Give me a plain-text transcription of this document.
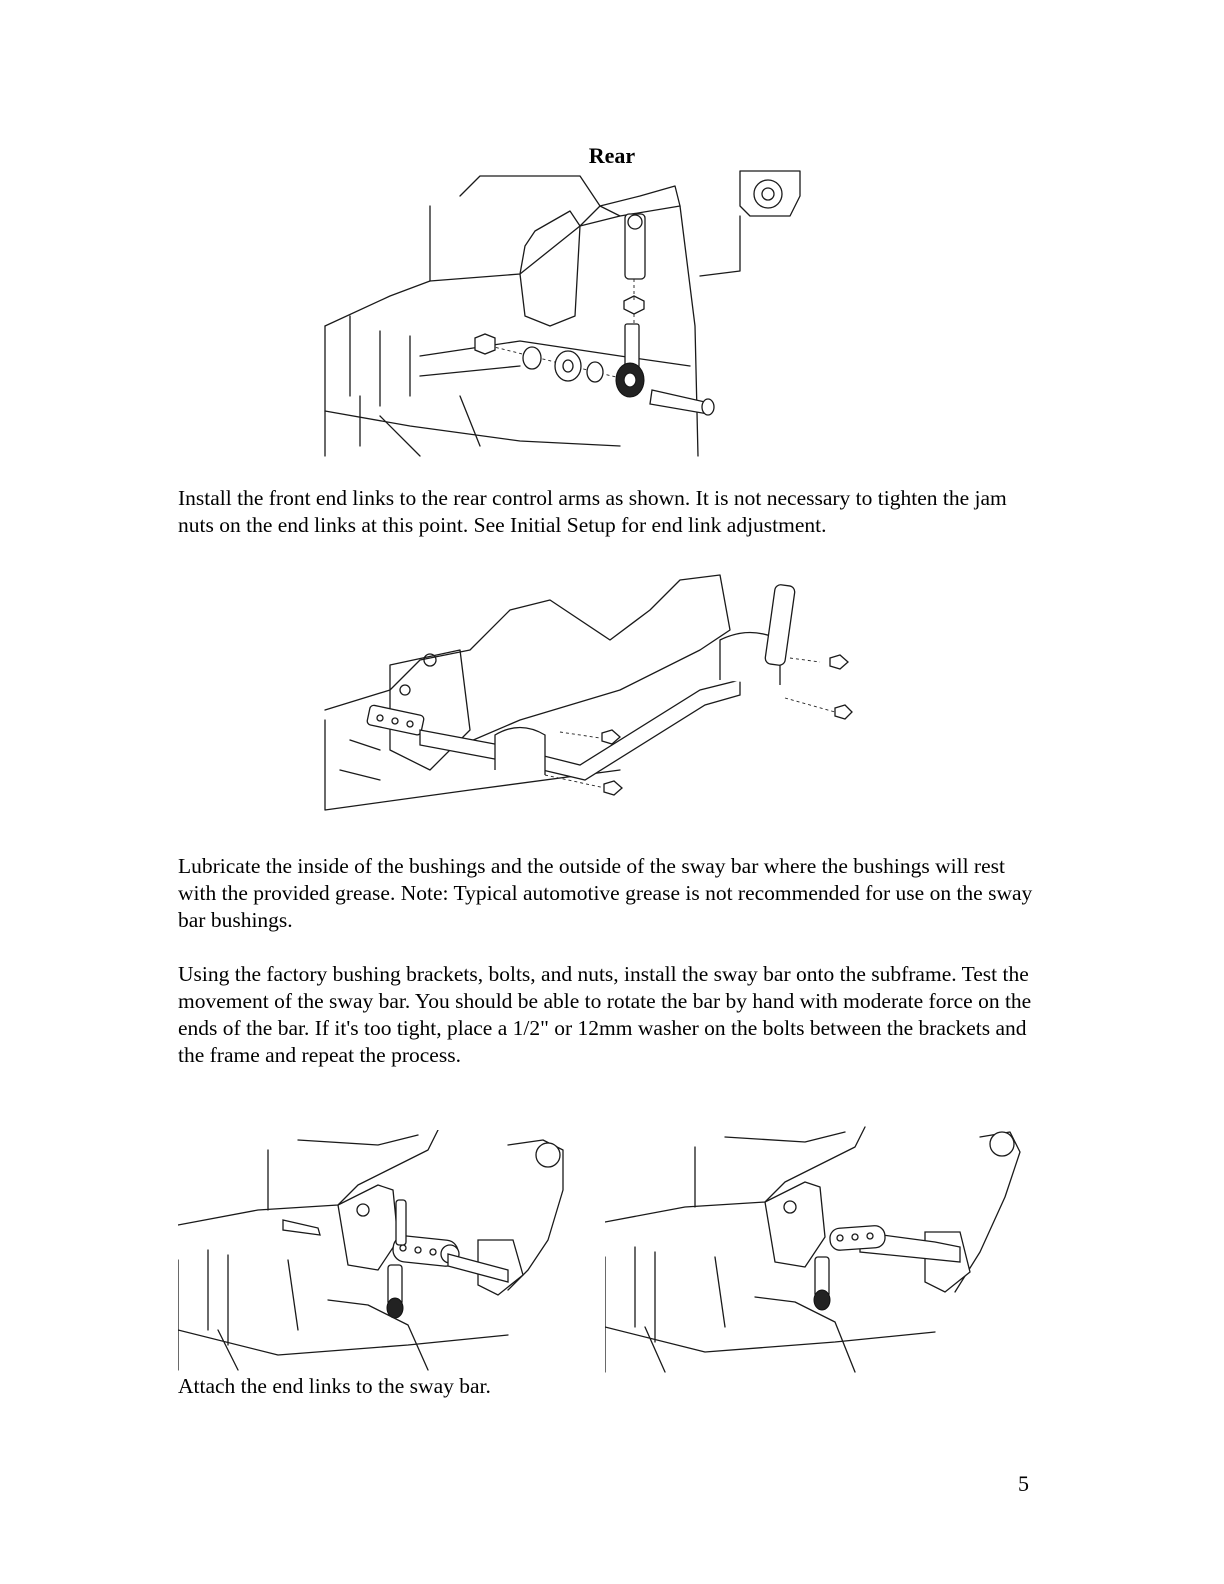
Rear

Install the front end links to the rear control arms as shown. It is not necessary to tighten the jam nuts on the end links at this point. See Initial Setup for end link adjustment.

Lubricate the inside of the bushings and the outside of the sway bar where the bushings will rest with the provided grease. Note: Typical automotive grease is not recommended for use on the sway bar bushings.

Using the factory bushing brackets, bolts, and nuts, install the sway bar onto the subframe. Test the movement of the sway bar. You should be able to rotate the bar by hand with moderate force on the ends of the bar. If it's too tight, place a 1/2" or 12mm washer on the bolts between the brackets and the frame and repeat the process.

Attach the end links to the sway bar.

5
